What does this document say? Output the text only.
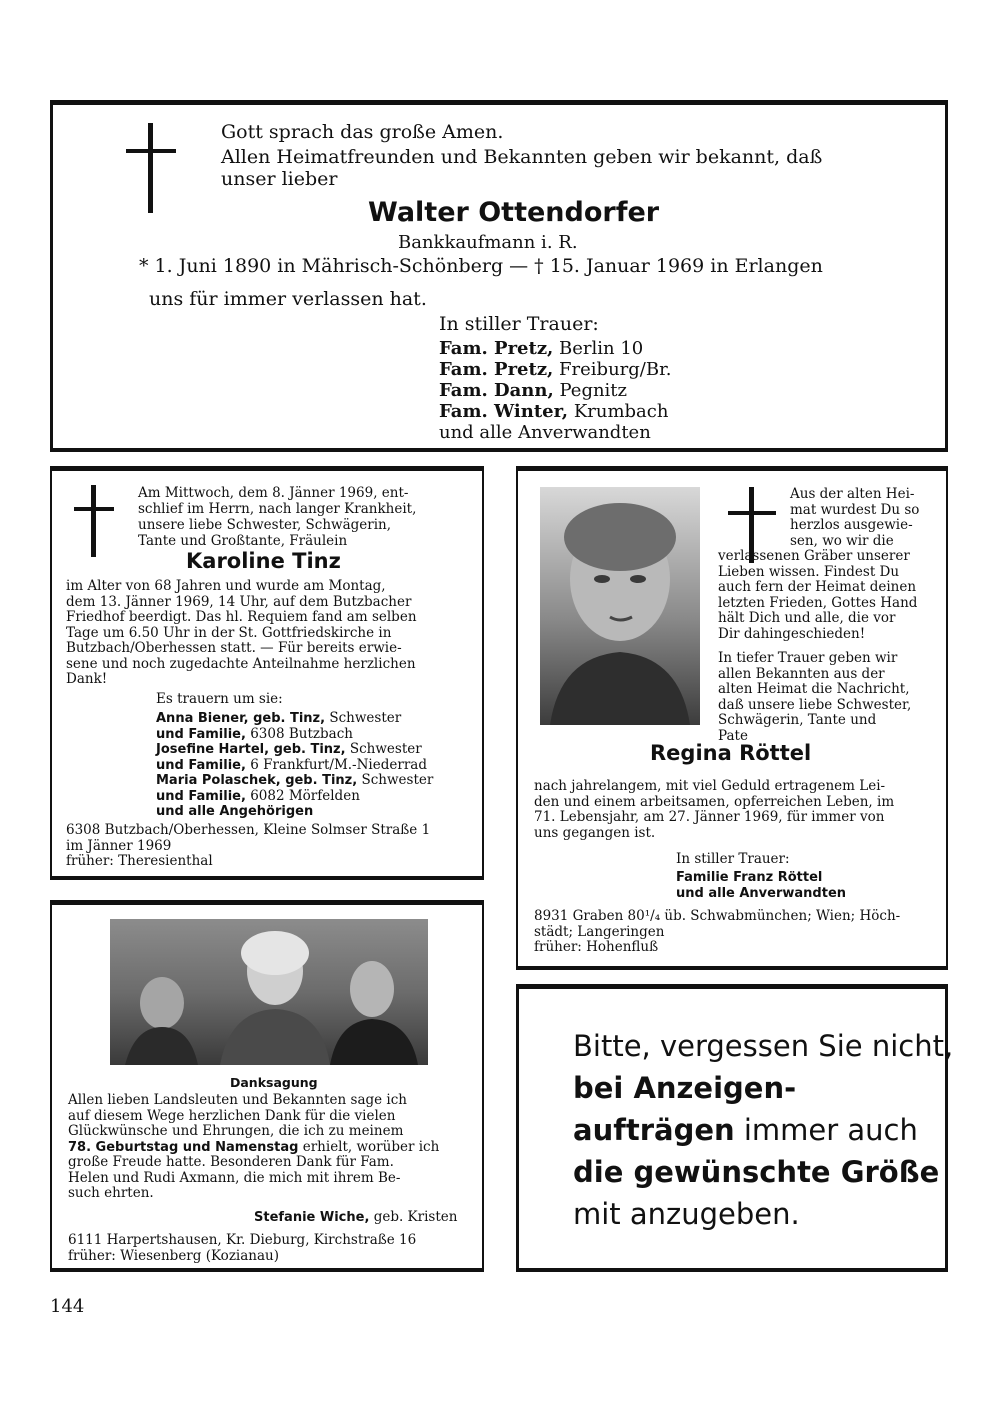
Gott sprach das große Amen.
Allen Heimatfreunden und Bekannten geben wir bekannt, daß
unser lieber
Walter Ottendorfer
Bankkaufmann i. R.
* 1. Juni 1890 in Mährisch-Schönberg — † 15. Januar 1969 in Erlangen
uns für immer verlassen hat.
In stiller Trauer:
Fam. Pretz, Berlin 10
Fam. Pretz, Freiburg/Br.
Fam. Dann, Pegnitz
Fam. Winter, Krumbach
und alle Anverwandten
Am Mittwoch, dem 8. Jänner 1969, ent-
schlief im Herrn, nach langer Krankheit,
unsere liebe Schwester, Schwägerin,
Tante und Großtante, Fräulein
Karoline Tinz
im Alter von 68 Jahren und wurde am Montag,
dem 13. Jänner 1969, 14 Uhr, auf dem Butzbacher
Friedhof beerdigt. Das hl. Requiem fand am selben
Tage um 6.50 Uhr in der St. Gottfriedskirche in
Butzbach/Oberhessen statt. — Für bereits erwie-
sene und noch zugedachte Anteilnahme herzlichen
Dank!
Es trauern um sie:
Anna Biener, geb. Tinz, Schwester
und Familie, 6308 Butzbach
Josefine Hartel, geb. Tinz, Schwester
und Familie, 6 Frankfurt/M.-Niederrad
Maria Polaschek, geb. Tinz, Schwester
und Familie, 6082 Mörfelden
und alle Angehörigen
6308 Butzbach/Oberhessen, Kleine Solmser Straße 1
im Jänner 1969
früher: Theresienthal
Aus der alten Hei-
mat wurdest Du so
herzlos ausgewie-
sen, wo wir die
verlassenen Gräber unserer
Lieben wissen. Findest Du
auch fern der Heimat deinen
letzten Frieden, Gottes Hand
hält Dich und alle, die vor
Dir dahingeschieden!
In tiefer Trauer geben wir
allen Bekannten aus der
alten Heimat die Nachricht,
daß unsere liebe Schwester,
Schwägerin, Tante und
Pate
Regina Röttel
nach jahrelangem, mit viel Geduld ertragenem Lei-
den und einem arbeitsamen, opferreichen Leben, im
71. Lebensjahr, am 27. Jänner 1969, für immer von
uns gegangen ist.
In stiller Trauer:
Familie Franz Röttel
und alle Anverwandten
8931 Graben 80¹/₄ üb. Schwabmünchen; Wien; Höch-
städt; Langeringen
früher: Hohenfluß
Danksagung
Allen lieben Landsleuten und Bekannten sage ich
auf diesem Wege herzlichen Dank für die vielen
Glückwünsche und Ehrungen, die ich zu meinem
78. Geburtstag und Namenstag erhielt, worüber ich
große Freude hatte. Besonderen Dank für Fam.
Helen und Rudi Axmann, die mich mit ihrem Be-
such ehrten.
Stefanie Wiche, geb. Kristen
6111 Harpertshausen, Kr. Dieburg, Kirchstraße 16
früher: Wiesenberg (Kozianau)
Bitte, vergessen Sie nicht,
bei Anzeigen-
aufträgen immer auch
die gewünschte Größe
mit anzugeben.
144
